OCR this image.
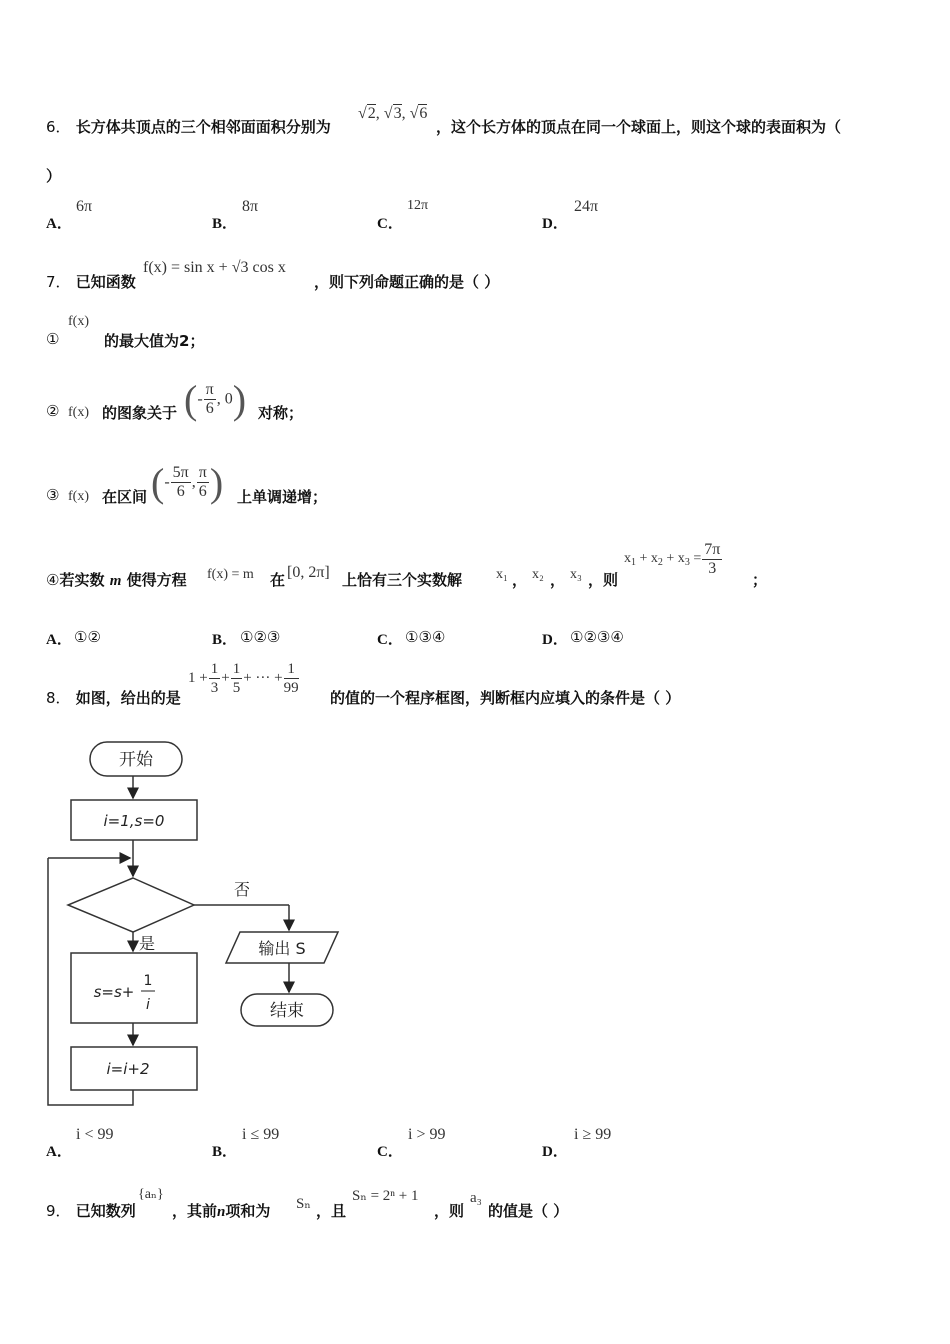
6． 长方体共顶点的三个相邻面面积分别为
√2, √3, √6
，这个长方体的顶点在同一个球面上，则这个球的表面积为（
）
A．
6π
B．
8π
C．
12π
D．
24π
7． 已知函数
f(x) = sin x + √3 cos x
，则下列命题正确的是（ ）
①
f(x)
的最大值为2；
② f(x) 的图象关于 (- $\frac{\pi}{6}$ , 0) 对称；
③ f(x) 在区间 (- $\frac{5\pi}{6}$ , $\frac{\pi}{6}$ ) 上单调递增；
④若实数 m 使得方程 f(x) = m 在 [0, 2π] 上恰有三个实数解 x₁ ， x₂ ， x₃ ，则
$x_1 + x_2 + x_3 = \frac{7\pi}{3}$
；
A． ①②	B． ①②③	C． ①③④	D． ①②③④
8． 如图，给出的是
$1 + \frac{1}{3} + \frac{1}{5}$ + ··· + $\frac{1}{99}$
的值的一个程序框图，判断框内应填入的条件是（ ）
开始
i=1,s=0
否
输出 S
结束
是
s=s+
1
i
i=i+2
A．
i < 99
B．
i ≤ 99
C．
i > 99
D．
i ≥ 99
9． 已知数列
{aₙ}
，其前n项和为 Sₙ ，且
Sₙ = 2ⁿ + 1
，则
a₃
的值是（ ）
